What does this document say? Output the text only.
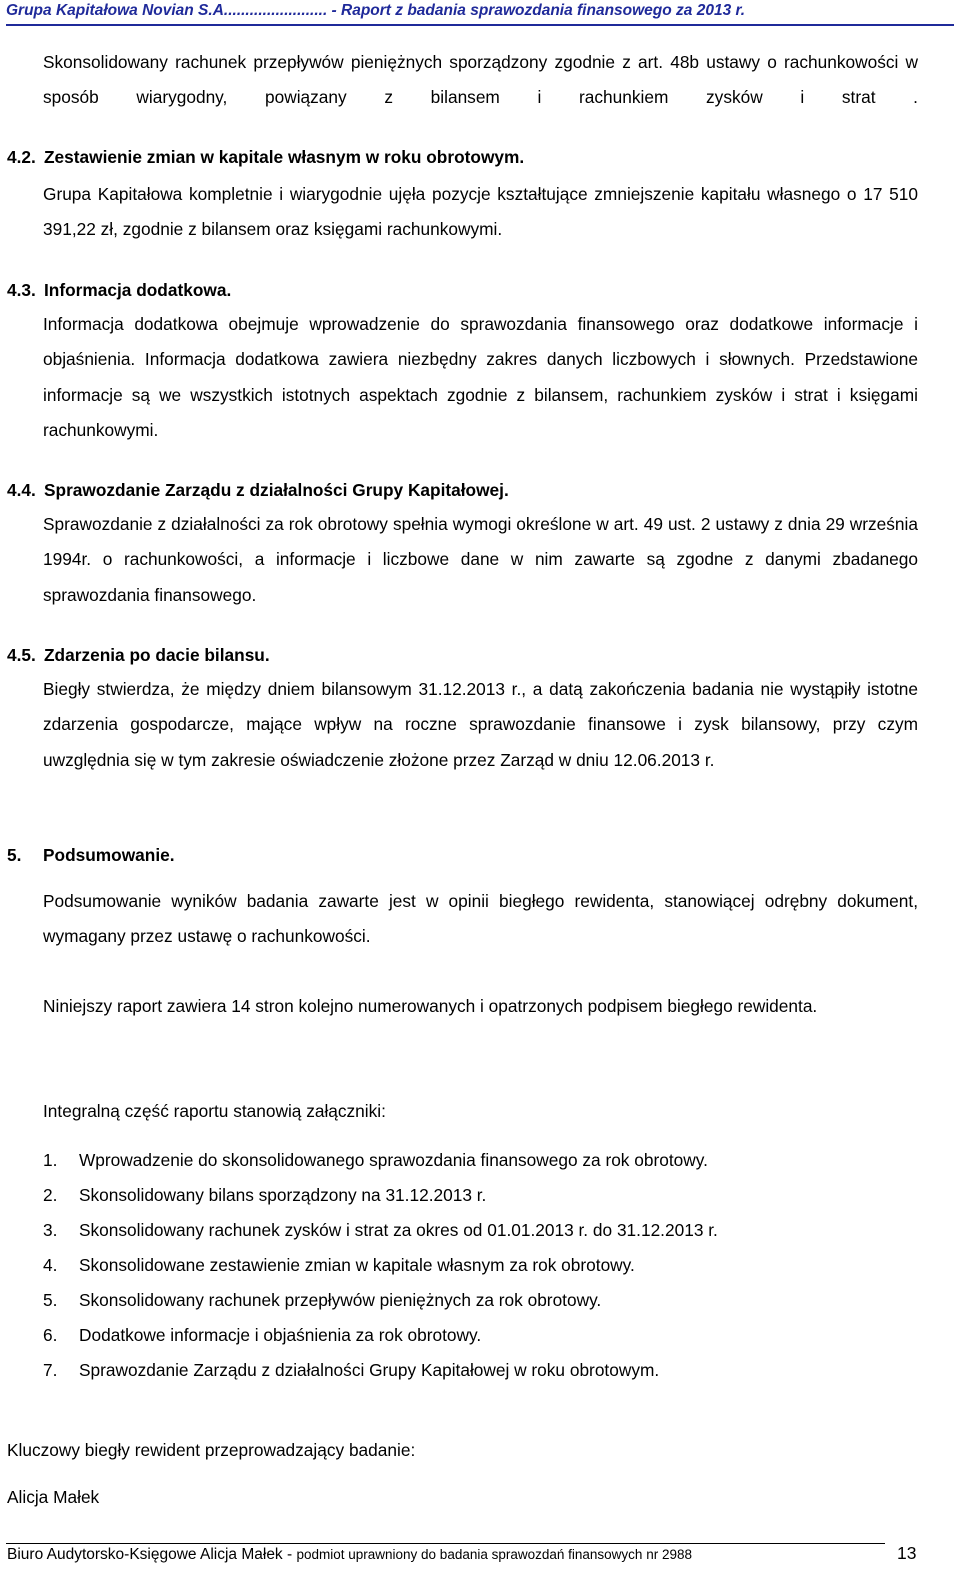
Grupa Kapitałowa Novian S.A........................ - Raport z badania sprawozdania finansowego za 2013 r.

Skonsolidowany rachunek przepływów pieniężnych sporządzony zgodnie z art. 48b ustawy o rachunkowości w sposób wiarygodny, powiązany z bilansem i rachunkiem zysków i strat .

4.2. Zestawienie zmian w kapitale własnym w roku obrotowym.

Grupa Kapitałowa kompletnie i wiarygodnie ujęła pozycje kształtujące zmniejszenie kapitału własnego o 17 510 391,22 zł, zgodnie z bilansem oraz księgami rachunkowymi.

4.3. Informacja dodatkowa.

Informacja dodatkowa obejmuje wprowadzenie do sprawozdania finansowego oraz dodatkowe informacje i objaśnienia. Informacja dodatkowa zawiera niezbędny zakres danych liczbowych i słownych. Przedstawione informacje są we wszystkich istotnych aspektach zgodnie z bilansem, rachunkiem zysków i strat i księgami rachunkowymi.

4.4. Sprawozdanie Zarządu z działalności Grupy Kapitałowej.

Sprawozdanie z działalności za rok obrotowy spełnia wymogi określone w art. 49 ust. 2 ustawy z dnia 29 września 1994r. o rachunkowości, a informacje i liczbowe dane w nim zawarte są zgodne z danymi zbadanego sprawozdania finansowego.

4.5. Zdarzenia po dacie bilansu.

Biegły stwierdza, że między dniem bilansowym 31.12.2013 r., a datą zakończenia badania nie wystąpiły istotne zdarzenia gospodarcze, mające wpływ na roczne sprawozdanie finansowe i zysk bilansowy, przy czym uwzględnia się w tym zakresie oświadczenie złożone przez Zarząd w dniu 12.06.2013 r.

5. Podsumowanie.

Podsumowanie wyników badania zawarte jest w opinii biegłego rewidenta, stanowiącej odrębny dokument, wymagany przez ustawę o rachunkowości.

Niniejszy raport zawiera 14 stron kolejno numerowanych i opatrzonych podpisem biegłego rewidenta.

Integralną część raportu stanowią załączniki:

1. Wprowadzenie do skonsolidowanego sprawozdania finansowego za rok obrotowy.
2. Skonsolidowany bilans sporządzony na 31.12.2013 r.
3. Skonsolidowany rachunek zysków i strat za okres od 01.01.2013 r. do 31.12.2013 r.
4. Skonsolidowane zestawienie zmian w kapitale własnym za rok obrotowy.
5. Skonsolidowany rachunek przepływów pieniężnych za rok obrotowy.
6. Dodatkowe informacje i objaśnienia za rok obrotowy.
7. Sprawozdanie Zarządu z działalności Grupy Kapitałowej w roku obrotowym.
Kluczowy biegły rewident przeprowadzający badanie:
Alicja Małek
Biuro Audytorsko-Księgowe Alicja Małek - podmiot uprawniony do badania sprawozdań finansowych nr 2988	13
